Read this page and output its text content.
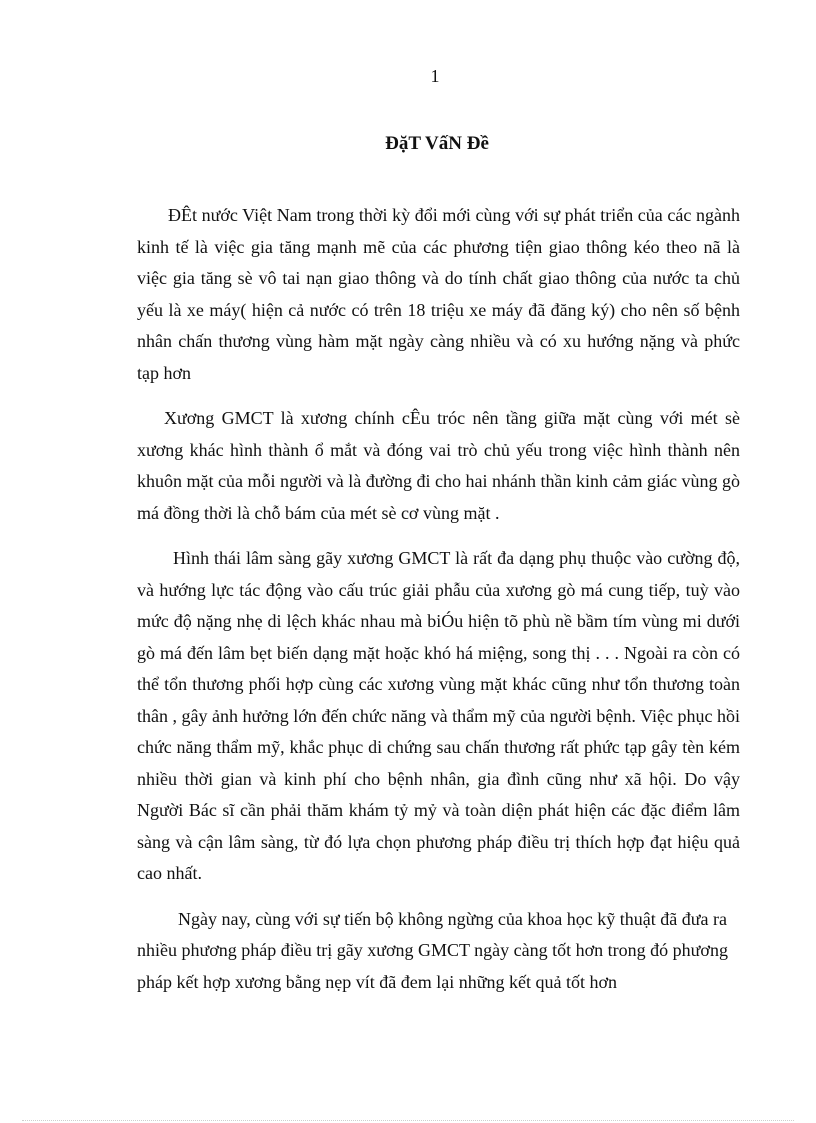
1
ĐặT VấN Đề

ĐÊt nước Việt Nam trong thời kỳ đổi mới cùng với sự phát triển của các ngành kinh tế là việc gia tăng mạnh mẽ của các phương tiện giao thông kéo theo nã là việc gia tăng sè vô tai nạn giao thông và do tính chất giao thông của nước ta chủ yếu là xe máy( hiện cả nước có trên 18 triệu xe máy đã đăng ký) cho nên số bệnh nhân chấn thương vùng hàm mặt ngày càng nhiều và có xu hướng nặng và phức tạp hơn

Xương GMCT là xương chính cÊu tróc nên tầng giữa mặt cùng với mét sè xương khác hình thành ổ mắt và đóng vai trò chủ yếu trong việc hình thành nên khuôn mặt của mỗi người và là đường đi cho hai nhánh thần kinh cảm giác vùng gò má đồng thời là chỗ bám của mét sè cơ vùng mặt .

Hình thái lâm sàng gãy xương GMCT là rất đa dạng phụ thuộc vào cường độ, và hướng lực tác động vào cấu trúc giải phẫu của xương gò má cung tiếp, tuỳ vào mức độ nặng nhẹ di lệch khác nhau mà biÓu hiện tõ phù nề bầm tím vùng mi dưới gò má đến lâm bẹt biến dạng mặt hoặc khó há miệng, song thị . . . Ngoài ra còn có thể tổn thương phối hợp cùng các xương vùng mặt khác cũng như tổn thương toàn thân , gây ảnh hưởng lớn đến chức năng và thẩm mỹ của người bệnh. Việc phục hồi chức năng thẩm mỹ, khắc phục di chứng sau chấn thương rất phức tạp gây tèn kém nhiều thời gian và kinh phí cho bệnh nhân, gia đình cũng như xã hội. Do vậy Người Bác sĩ cần phải thăm khám tỷ mỷ và toàn diện phát hiện các đặc điểm lâm sàng và cận lâm sàng, từ đó lựa chọn phương pháp điều trị thích hợp đạt hiệu quả cao nhất.

Ngày nay, cùng với sự tiến bộ không ngừng của khoa học kỹ thuật đã đưa ra nhiều phương pháp điều trị gãy xương GMCT ngày càng tốt hơn trong đó phương pháp kết hợp xương bằng nẹp vít đã đem lại những kết quả tốt hơn
